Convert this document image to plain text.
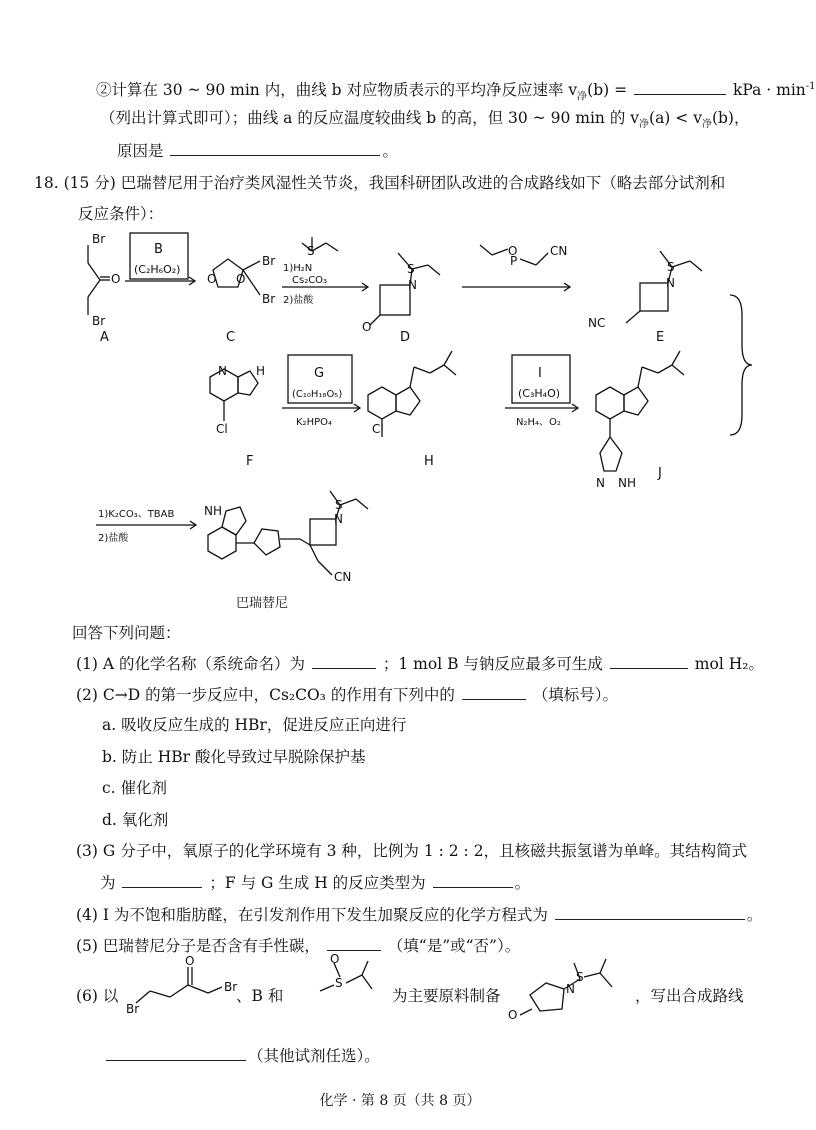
②计算在 30 ~ 90 min 内，曲线 b 对应物质表示的平均净反应速率 $v_净(b)$ =	kPa · $\min^{-1}$
（列出计算式即可）；曲线 a 的反应温度较曲线 b 的高，但 30 ~ 90 min 的 $v_净(a) < v_净(b)$，
原因是	。
18. (15 分) 巴瑞替尼用于治疗类风湿性关节炎，我国科研团队改进的合成路线如下（略去部分试剂和
反应条件）：
Br
O
Br
A
B
(C₂H₆O₂)
O O
Br
Br
C
1)H₂N
S
Cs₂CO₃
2)盐酸
N
S
O
D
O
P
CN
N
S
NC
E
N H
Cl
F
G
(C₁₀H₁₈O₅)
K₂HPO₄	Cl
H
I
(C₃H₄O)
N₂H₄、O₂
N NH
J
1)K₂CO₃、TBAB
2)盐酸
NH
N
S
CN
巴瑞替尼
回答下列问题：
(1) A 的化学名称（系统命名）为	；1 mol B 与钠反应最多可生成	mol H₂。
(2) C→D 的第一步反应中，Cs₂CO₃ 的作用有下列中的	（填标号）。
a. 吸收反应生成的 HBr，促进反应正向进行
b. 防止 HBr 酸化导致过早脱除保护基
c. 催化剂
d. 氧化剂
(3) G 分子中，氧原子的化学环境有 3 种，比例为 1 : 2 : 2，且核磁共振氢谱为单峰。其结构简式
为	；F 与 G 生成 H 的反应类型为	。
(4) I 为不饱和脂肪醛，在引发剂作用下发生加聚反应的化学方程式为	。
(5) 巴瑞替尼分子是否含有手性碳，	（填“是”或“否”）。
O
Br
Br
O
S	N
S
O
(6) 以	、B 和	为主要原料制备	，写出合成路线
（其他试剂任选）。
化学 · 第 8 页（共 8 页）
